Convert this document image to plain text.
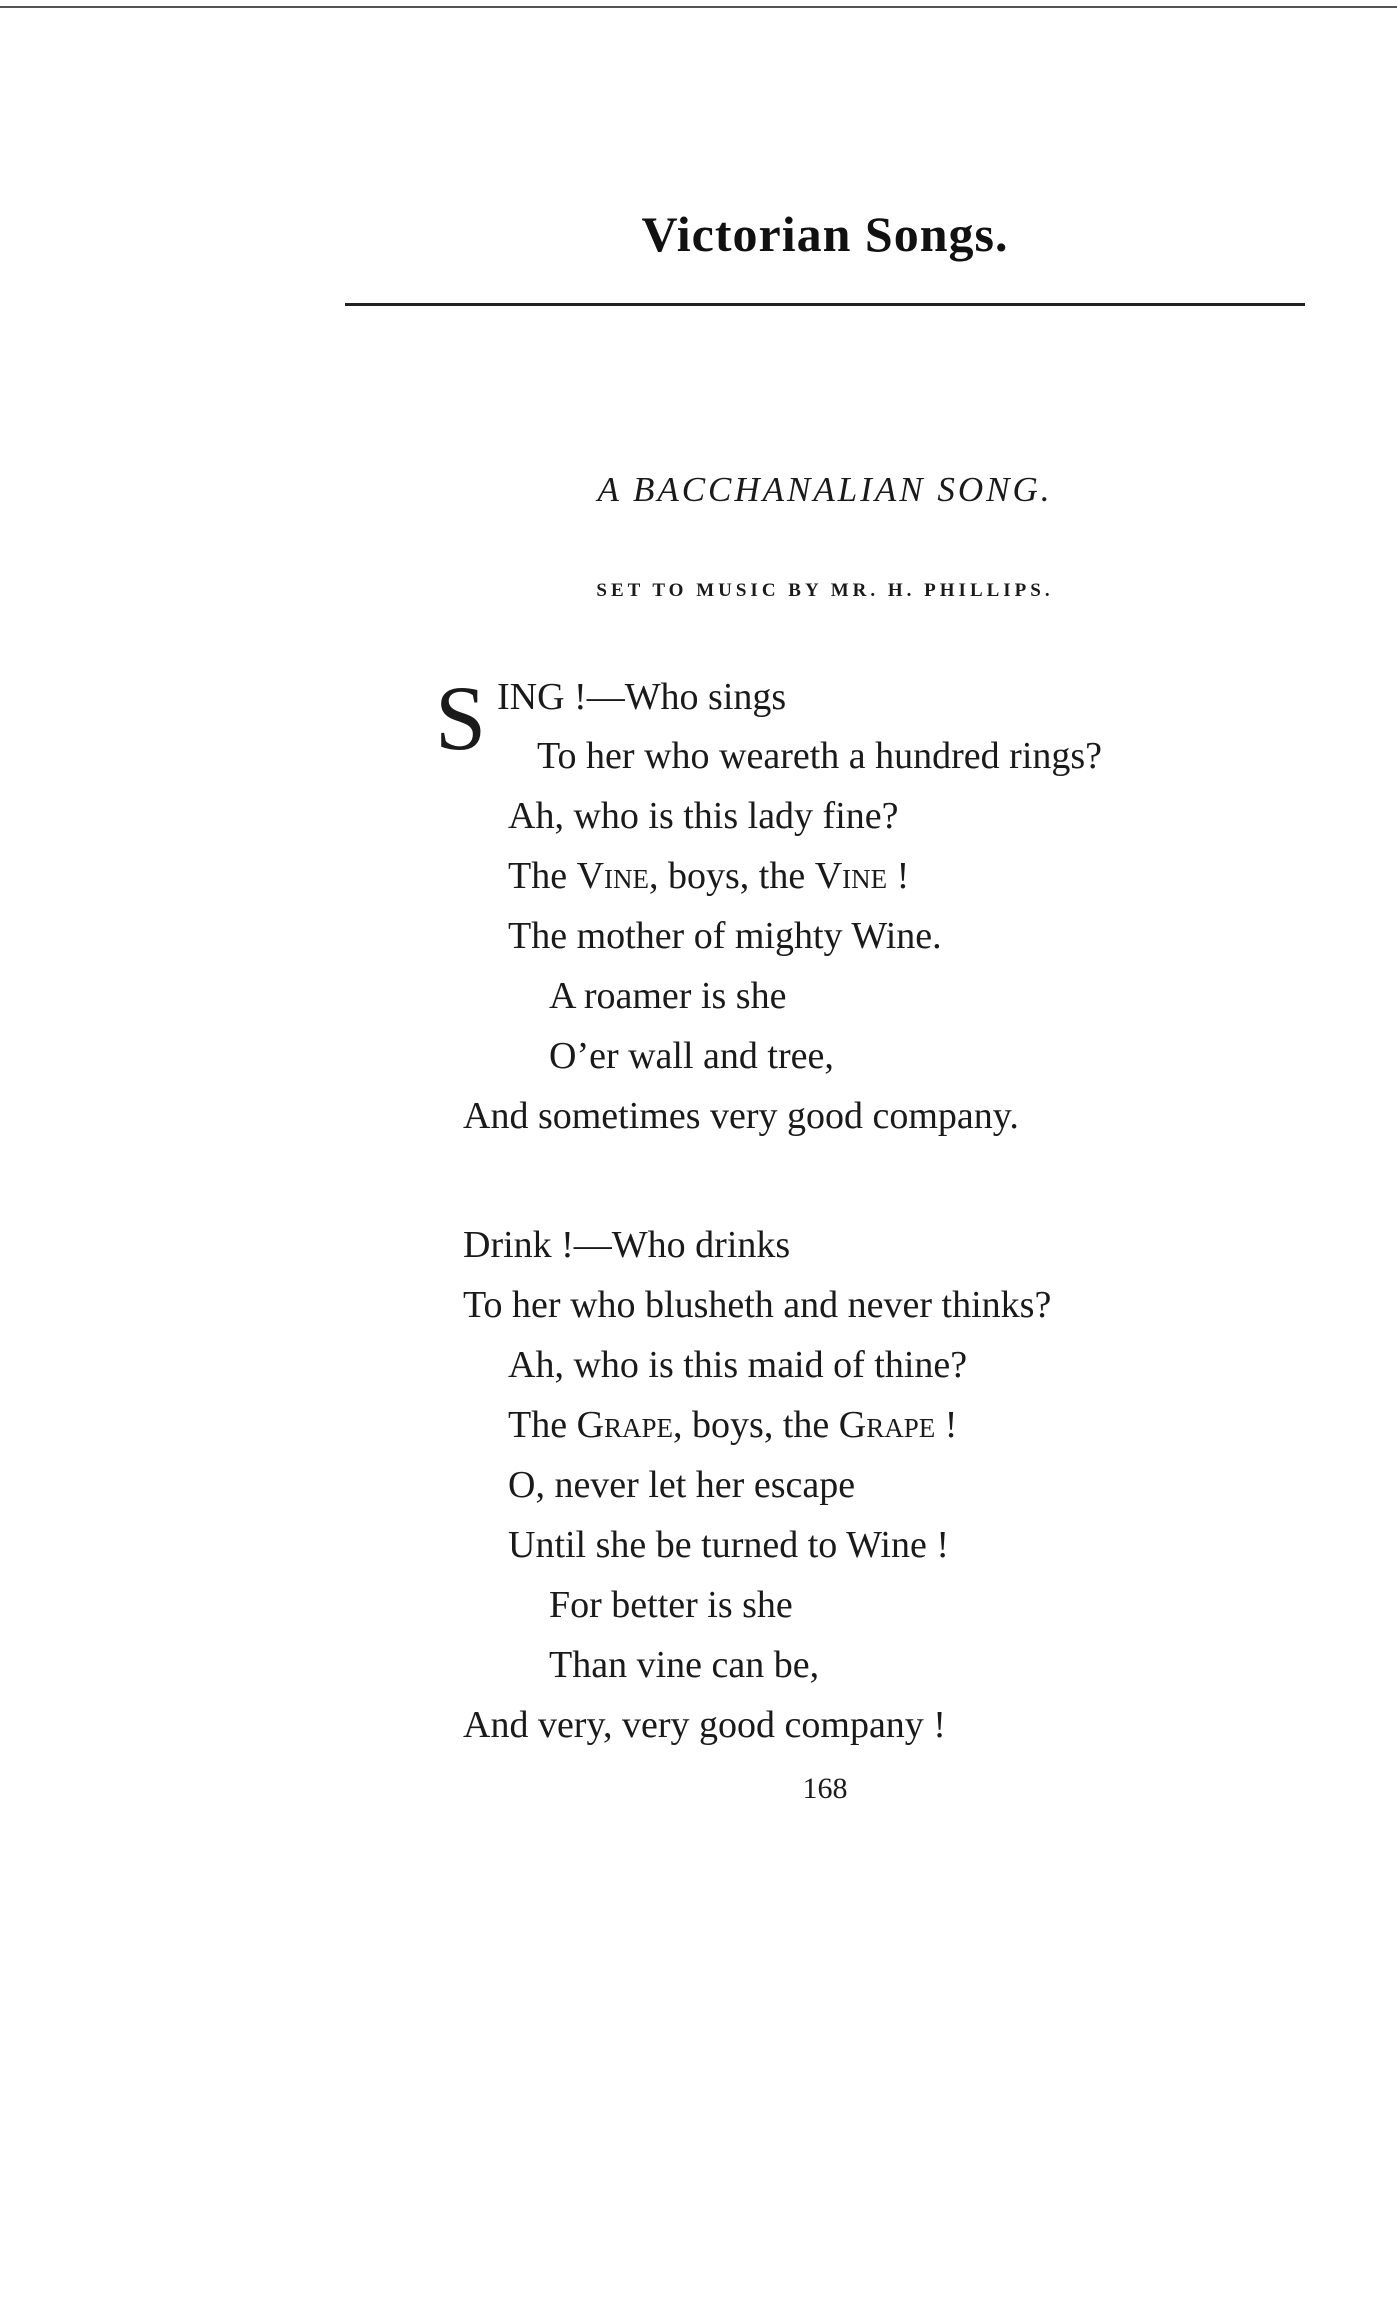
Victorian Songs.
A BACCHANALIAN SONG.
SET TO MUSIC BY MR. H. PHILLIPS.
S ING !—Who sings
To her who weareth a hundred rings?
Ah, who is this lady fine?
The Vine, boys, the Vine !
The mother of mighty Wine.
A roamer is she
O’er wall and tree,
And sometimes very good company.
Drink !—Who drinks
To her who blusheth and never thinks?
Ah, who is this maid of thine?
The Grape, boys, the Grape !
O, never let her escape
Until she be turned to Wine !
For better is she
Than vine can be,
And very, very good company !
168
